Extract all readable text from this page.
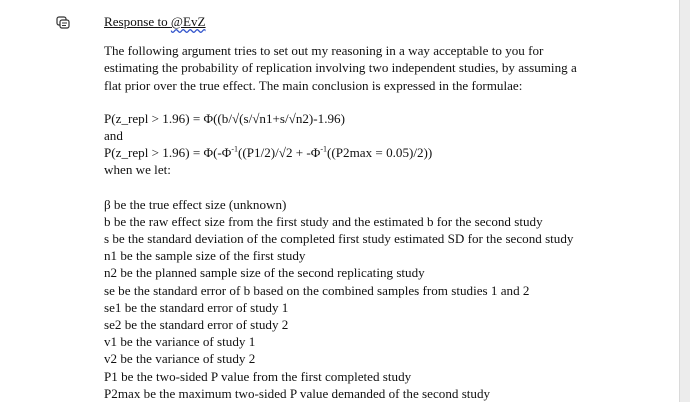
Response to @EvZ
The following argument tries to set out my reasoning in a way acceptable to you for
estimating the probability of replication involving two independent studies, by assuming a
flat prior over the true effect. The main conclusion is expressed in the formulae:
P(z_repl > 1.96) = Φ((b/√(s/√n1+s/√n2)-1.96)
and
P(z_repl > $1.96) = \Phi(-\Phi^{-1}((P1/2)/√2 + -\Phi^{-1}((P2\max = 0.05)/2))$
when we let:
β be the true effect size (unknown)
b be the raw effect size from the first study and the estimated b for the second study
s be the standard deviation of the completed first study estimated SD for the second study
n1 be the sample size of the first study
n2 be the planned sample size of the second replicating study
se be the standard error of b based on the combined samples from studies 1 and 2
se1 be the standard error of study 1
se2 be the standard error of study 2
v1 be the variance of study 1
v2 be the variance of study 2
P1 be the two-sided P value from the first completed study
P2max be the maximum two-sided P value demanded of the second study
